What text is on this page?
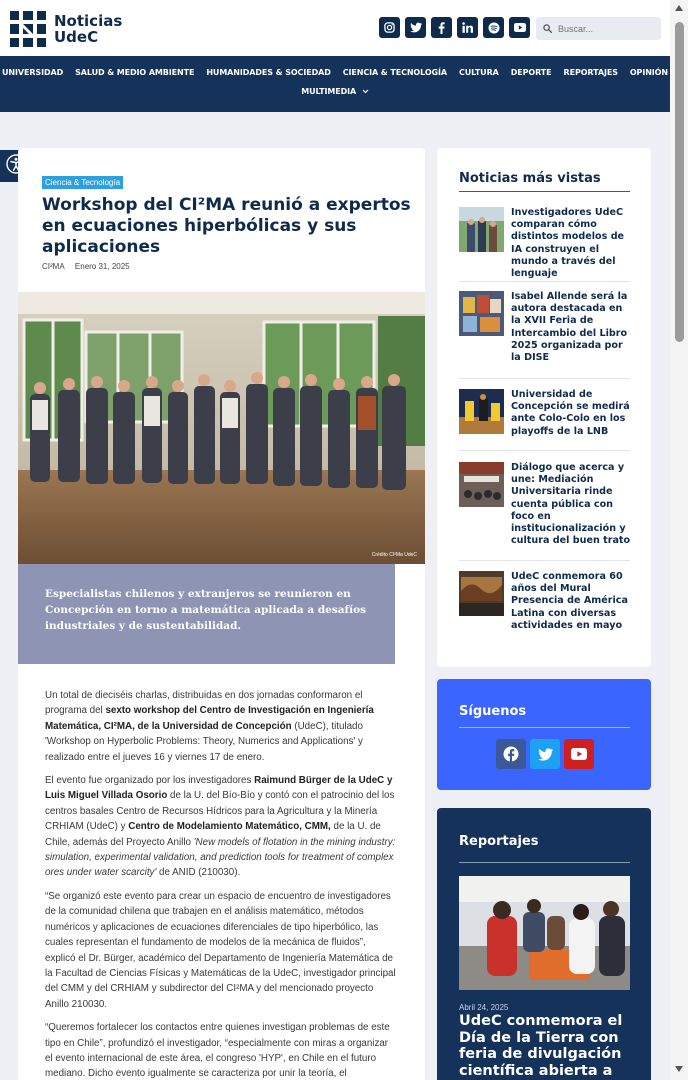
Noticias
UdeC
Buscar...
UNIVERSIDAD SALUD & MEDIO AMBIENTE HUMANIDADES & SOCIEDAD CIENCIA & TECNOLOGÍA CULTURA DEPORTE REPORTAJES OPINIÓN
MULTIMEDIA
Ciencia & Tecnología
Workshop del CI²MA reunió a expertos en ecuaciones hiperbólicas y sus aplicaciones
CI²MA Enero 31, 2025
Crédito CI²Ma UdeC

Especialistas chilenos y extranjeros se reunieron en Concepción en torno a matemática aplicada a desafíos industriales y de sustentabilidad.

Un total de dieciséis charlas, distribuidas en dos jornadas conformaron el programa del sexto workshop del Centro de Investigación en Ingeniería Matemática, CI²MA, de la Universidad de Concepción (UdeC), titulado 'Workshop on Hyperbolic Problems: Theory, Numerics and Applications' y realizado entre el jueves 16 y viernes 17 de enero.

El evento fue organizado por los investigadores Raimund Bürger de la UdeC y Luis Miguel Villada Osorio de la U. del Bío-Bío y contó con el patrocinio del los centros basales Centro de Recursos Hídricos para la Agricultura y la Minería CRHIAM (UdeC) y Centro de Modelamiento Matemático, CMM, de la U. de Chile, además del Proyecto Anillo 'New models of flotation in the mining industry: simulation, experimental validation, and prediction tools for treatment of complex ores under water scarcity' de ANID (210030).

“Se organizó este evento para crear un espacio de encuentro de investigadores de la comunidad chilena que trabajen en el análisis matemático, métodos numéricos y aplicaciones de ecuaciones diferenciales de tipo hiperbólico, las cuales representan el fundamento de modelos de la mecánica de fluidos”, explicó el Dr. Bürger, académico del Departamento de Ingeniería Matemática de la Facultad de Ciencias Físicas y Matemáticas de la UdeC, investigador principal del CMM y del CRHIAM y subdirector del CI²MA y del mencionado proyecto Anillo 210030.

“Queremos fortalecer los contactos entre quienes investigan problemas de este tipo en Chile”, profundizó el investigador, “especialmente con miras a organizar el evento internacional de este área, el congreso 'HYP', en Chile en el futuro mediano. Dicho evento igualmente se caracteriza por unir la teoría, el

Noticias más vistas
Investigadores UdeC comparan cómo distintos modelos de IA construyen el mundo a través del lenguaje
Isabel Allende será la autora destacada en la XVII Feria de Intercambio del Libro 2025 organizada por la DISE
Universidad de Concepción se medirá ante Colo-Colo en los playoffs de la LNB
Diálogo que acerca y une: Mediación Universitaria rinde cuenta pública con foco en institucionalización y cultura del buen trato
UdeC conmemora 60 años del Mural Presencia de América Latina con diversas actividades en mayo
Síguenos
Reportajes
Abril 24, 2025
UdeC conmemora el Día de la Tierra con feria de divulgación científica abierta a
